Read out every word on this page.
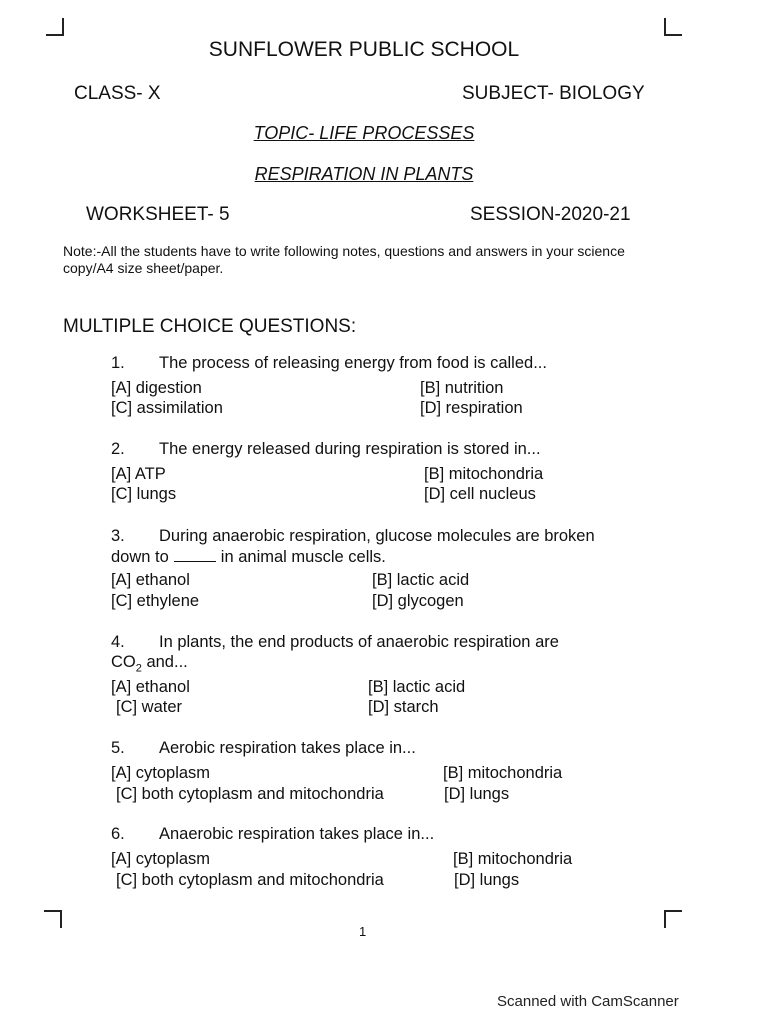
SUNFLOWER PUBLIC SCHOOL
CLASS- X	SUBJECT- BIOLOGY
TOPIC- LIFE PROCESSES
RESPIRATION IN PLANTS
WORKSHEET- 5	SESSION-2020-21
Note:-All the students have to write following notes, questions and answers in your science
copy/A4 size sheet/paper.
MULTIPLE CHOICE QUESTIONS:
1. The process of releasing energy from food is called...
[A] digestion	[B] nutrition
[C] assimilation	[D] respiration
2. The energy released during respiration is stored in...
[A] ATP	[B] mitochondria
[C] lungs	[D] cell nucleus
3. During anaerobic respiration, glucose molecules are broken
down to	in animal muscle cells.
[A] ethanol	[B] lactic acid
[C] ethylene	[D] glycogen
4. In plants, the end products of anaerobic respiration are
$CO_2$ and...
[A] ethanol	[B] lactic acid
[C] water	[D] starch
5. Aerobic respiration takes place in...
[A] cytoplasm	[B] mitochondria
[C] both cytoplasm and mitochondria	[D] lungs
6. Anaerobic respiration takes place in...
[A] cytoplasm	[B] mitochondria
[C] both cytoplasm and mitochondria	[D] lungs
1
Scanned with CamScanner
